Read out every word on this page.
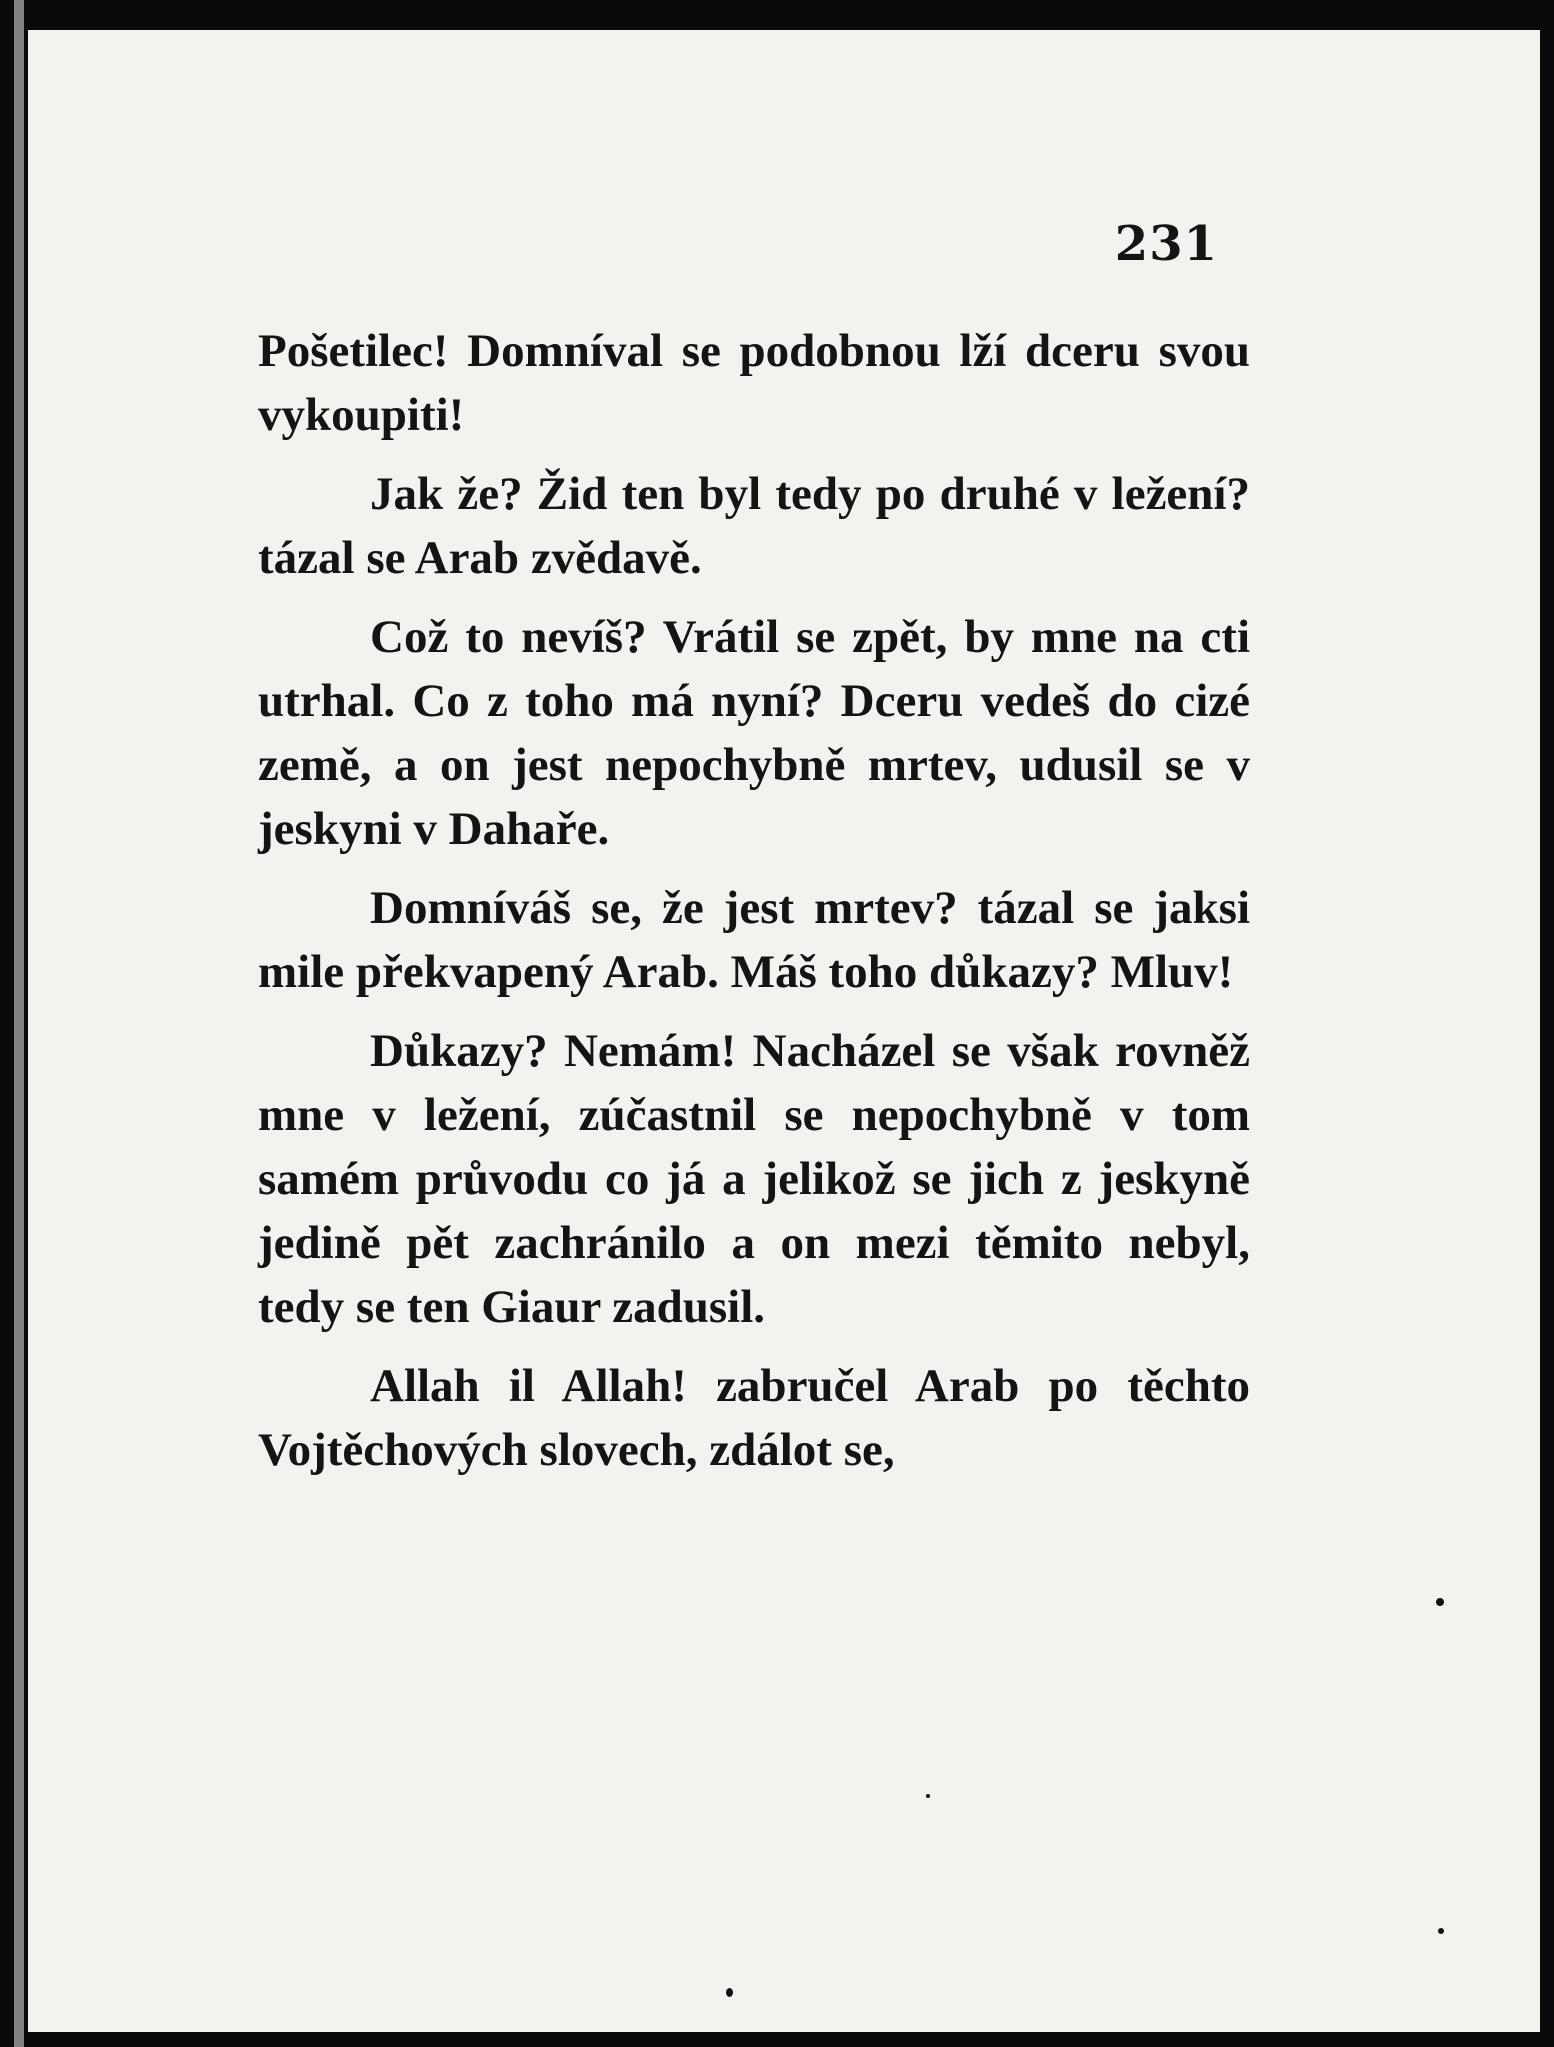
231

Pošetilec! Domníval se podobnou lží dceru svou vykoupiti!

Jak že? Žid ten byl tedy po druhé v ležení? tázal se Arab zvědavě.

Což to nevíš? Vrátil se zpět, by mne na cti utrhal. Co z toho má nyní? Dceru vedeš do cizé země, a on jest nepochybně mrtev, udusil se v jeskyni v Dahaře.

Domníváš se, že jest mrtev? tázal se jaksi mile překvapený Arab. Máš toho důkazy? Mluv!

Důkazy? Nemám! Nacházel se však rovněž mne v ležení, zúčastnil se nepochybně v tom samém průvodu co já a jelikož se jich z jeskyně jedině pět zachránilo a on mezi těmito nebyl, tedy se ten Giaur zadusil.

Allah il Allah! zabručel Arab po těchto Vojtěchových slovech, zdálot se,
